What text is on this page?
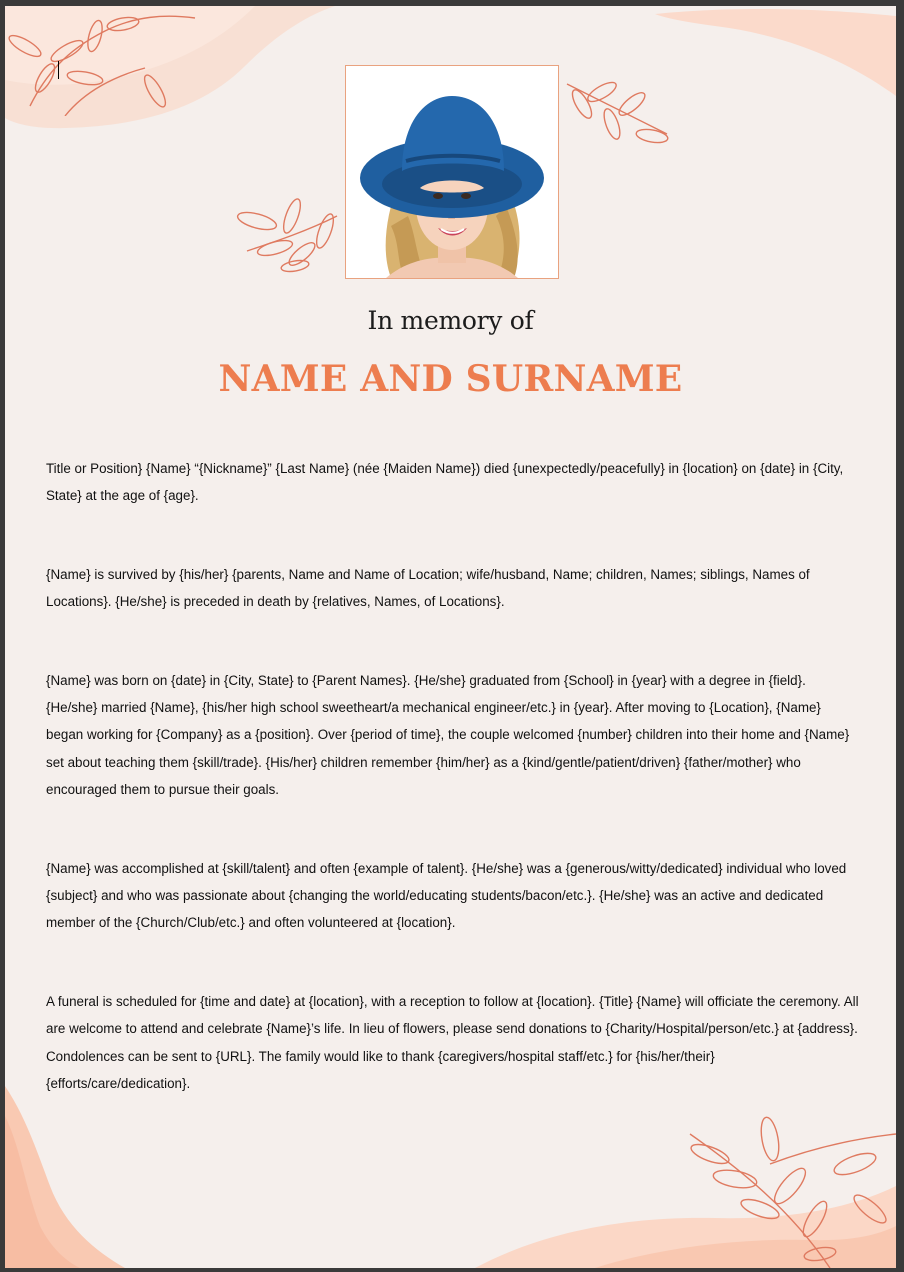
In memory of
NAME AND SURNAME

Title or Position} {Name} “{Nickname}” {Last Name} (née {Maiden Name}) died {unexpectedly/peacefully} in {location} on {date} in {City, State} at the age of {age}.

{Name} is survived by {his/her} {parents, Name and Name of Location; wife/husband, Name; children, Names; siblings, Names of Locations}. {He/she} is preceded in death by {relatives, Names, of Locations}.

{Name} was born on {date} in {City, State} to {Parent Names}. {He/she} graduated from {School} in {year} with a degree in {field}. {He/she} married {Name}, {his/her high school sweetheart/a mechanical engineer/etc.} in {year}. After moving to {Location}, {Name} began working for {Company} as a {position}. Over {period of time}, the couple welcomed {number} children into their home and {Name} set about teaching them {skill/trade}. {His/her} children remember {him/her} as a {kind/gentle/patient/driven} {father/mother} who encouraged them to pursue their goals.

{Name} was accomplished at {skill/talent} and often {example of talent}. {He/she} was a {generous/witty/dedicated} individual who loved {subject} and who was passionate about {changing the world/educating students/bacon/etc.}. {He/she} was an active and dedicated member of the {Church/Club/etc.} and often volunteered at {location}.

A funeral is scheduled for {time and date} at {location}, with a reception to follow at {location}. {Title} {Name} will officiate the ceremony. All are welcome to attend and celebrate {Name}’s life. In lieu of flowers, please send donations to {Charity/Hospital/person/etc.} at {address}. Condolences can be sent to {URL}. The family would like to thank {caregivers/hospital staff/etc.} for {his/her/their} {efforts/care/dedication}.
